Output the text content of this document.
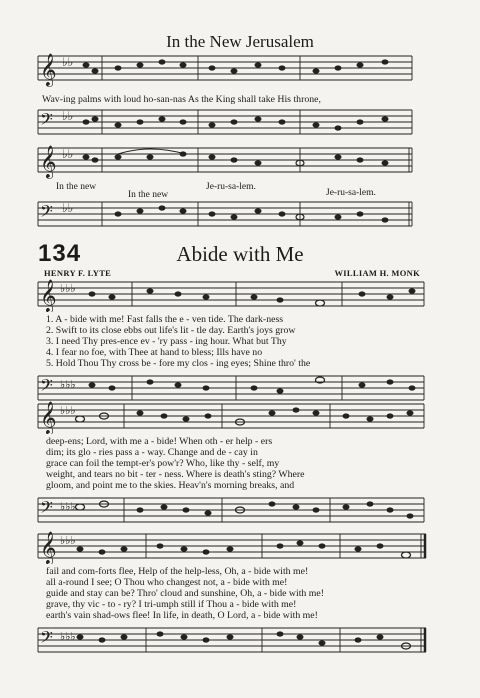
In the New Jerusalem
𝄞 ♭♭
Wav-ing palms with loud ho-san-nas As the King shall take His throne,
𝄢 ♭♭
𝄞 ♭♭
In the new
In the new
Je-ru-sa-lem.
Je-ru-sa-lem.
𝄢 ♭♭
134	Abide with Me
HENRY F. LYTE	WILLIAM H. MONK
𝄞 ♭♭♭
1. A - bide with me! Fast falls the e - ven tide. The dark-ness
2. Swift to its close ebbs out life's lit - tle day. Earth's joys grow
3. I need Thy pres-ence ev - 'ry pass - ing hour. What but Thy
4. I fear no foe, with Thee at hand to bless; Ills have no
5. Hold Thou Thy cross be - fore my clos - ing eyes; Shine thro' the
𝄢 ♭♭♭
𝄞 ♭♭♭
deep-ens; Lord, with me a - bide! When oth - er help - ers
dim; its glo - ries pass a - way. Change and de - cay in
grace can foil the tempt-er's pow'r? Who, like thy - self, my
weight, and tears no bit - ter - ness. Where is death's sting? Where
gloom, and point me to the skies. Heav'n's morning breaks, and
𝄢 ♭♭♭
𝄞 ♭♭♭
fail and com-forts flee, Help of the help-less, Oh, a - bide with me!
all a-round I see; O Thou who changest not, a - bide with me!
guide and stay can be? Thro' cloud and sunshine, Oh, a - bide with me!
grave, thy vic - to - ry? I tri-umph still if Thou a - bide with me!
earth's vain shad-ows flee! In life, in death, O Lord, a - bide with me!
𝄢 ♭♭♭
